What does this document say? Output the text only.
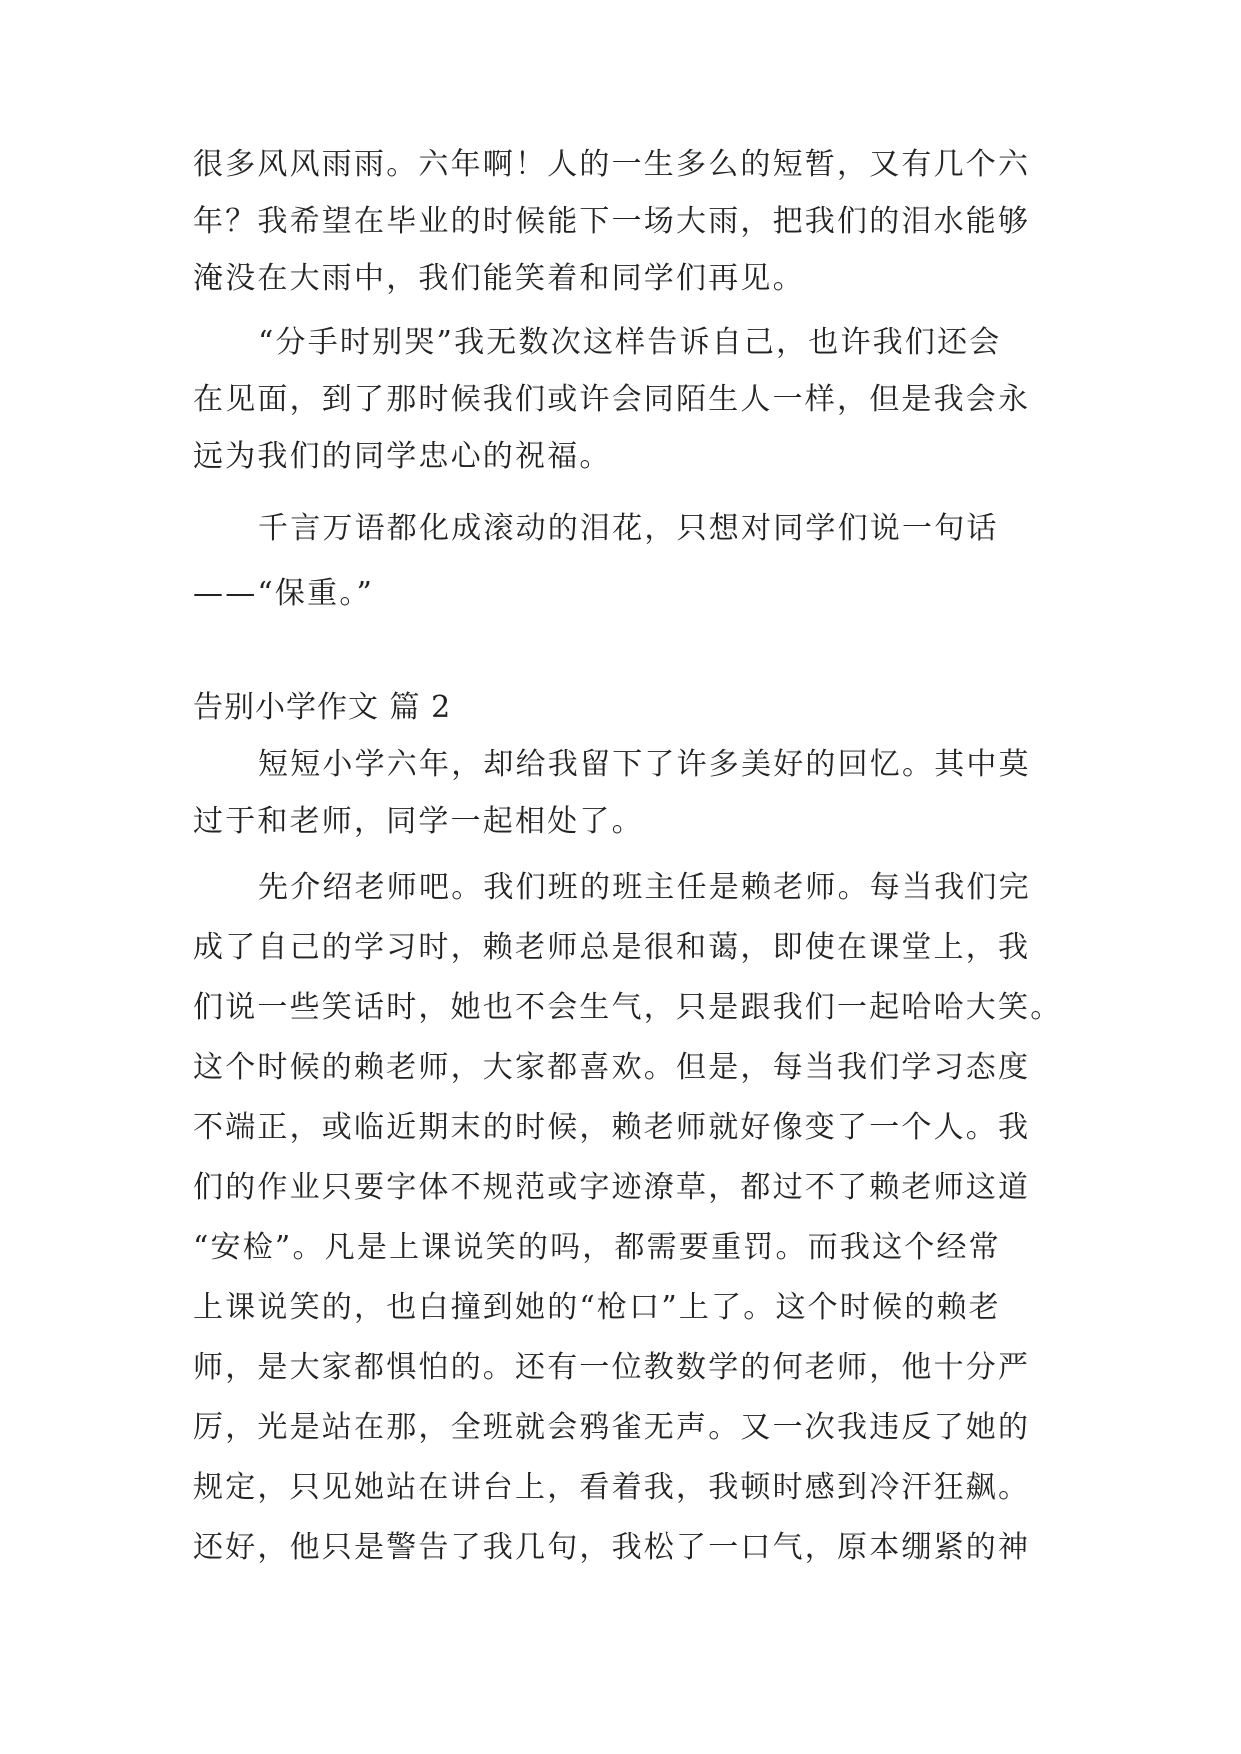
很多风风雨雨。六年啊！人的一生多么的短暂，又有几个六
年？我希望在毕业的时候能下一场大雨，把我们的泪水能够
淹没在大雨中，我们能笑着和同学们再见。
“分手时别哭”我无数次这样告诉自己，也许我们还会
在见面，到了那时候我们或许会同陌生人一样，但是我会永
远为我们的同学忠心的祝福。
千言万语都化成滚动的泪花，只想对同学们说一句话
——“保重。”
告别小学作文 篇 2
短短小学六年，却给我留下了许多美好的回忆。其中莫
过于和老师，同学一起相处了。
先介绍老师吧。我们班的班主任是赖老师。每当我们完
成了自己的学习时，赖老师总是很和蔼，即使在课堂上，我
们说一些笑话时，她也不会生气，只是跟我们一起哈哈大笑。
这个时候的赖老师，大家都喜欢。但是，每当我们学习态度
不端正，或临近期末的时候，赖老师就好像变了一个人。我
们的作业只要字体不规范或字迹潦草，都过不了赖老师这道
“安检”。凡是上课说笑的吗，都需要重罚。而我这个经常
上课说笑的，也白撞到她的“枪口”上了。这个时候的赖老
师，是大家都惧怕的。还有一位教数学的何老师，他十分严
厉，光是站在那，全班就会鸦雀无声。又一次我违反了她的
规定，只见她站在讲台上，看着我，我顿时感到冷汗狂飙。
还好，他只是警告了我几句，我松了一口气，原本绷紧的神
